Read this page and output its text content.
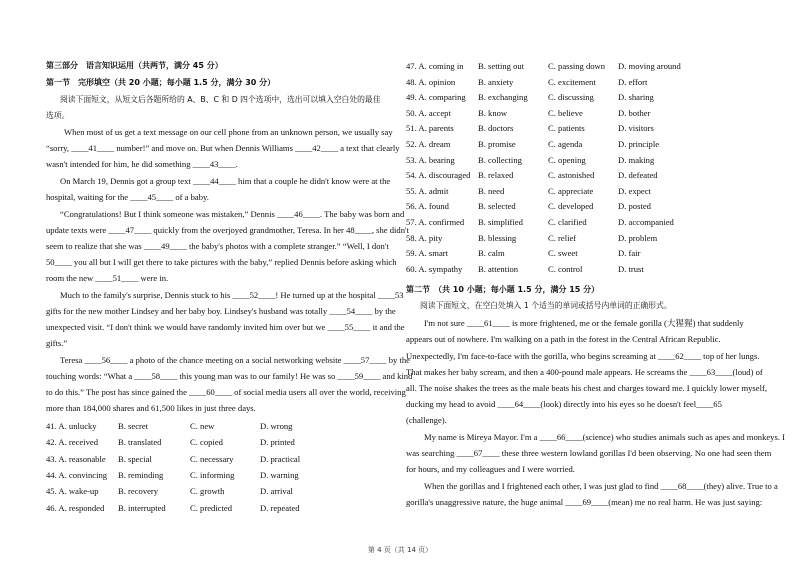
第三部分　语言知识运用（共两节，满分 45 分）
第一节　完形填空（共 20 小题；每小题 1.5 分，满分 30 分）
阅读下面短文，从短文后各题所给的 A、B、C 和 D 四个选项中，选出可以填入空白处的最佳
选项。
When most of us get a text message on our cell phone from an unknown person, we usually say
“sorry, ____41____ number!” and move on. But when Dennis Williams ____42____ a text that clearly
wasn't intended for him, he did something ____43____.
On March 19, Dennis got a group text ____44____ him that a couple he didn't know were at the
hospital, waiting for the ____45____ of a baby.
“Congratulations! But I think someone was mistaken,” Dennis ____46____. The baby was born and
update texts were ____47____ quickly from the overjoyed grandmother, Teresa. In her 48____, she didn't
seem to realize that she was ____49____ the baby's photos with a complete stranger.” “Well, I don't
50____ you all but I will get there to take pictures with the baby,” replied Dennis before asking which
room the new ____51____ were in.
Much to the family's surprise, Dennis stuck to his ____52____! He turned up at the hospital ____53
gifts for the new mother Lindsey and her baby boy. Lindsey's husband was totally ____54____ by the
unexpected visit. “I don't think we would have randomly invited him over but we ____55____ it and the
gifts.”
Teresa ____56____ a photo of the chance meeting on a social networking website ____57____ by the
touching words: “What a ____58____ this young man was to our family! He was so ____59____ and kind
to do this.” The post has since gained the ____60____ of social media users all over the world, receiving
more than 184,000 shares and 61,500 likes in just three days.
41. A. unlucky B. secret	C. new	D. wrong
42. A. received B. translated	C. copied	D. printed
43. A. reasonable B. special	C. necessary	D. practical
44. A. convincing B. reminding	C. informing	D. warning
45. A. wake-up B. recovery	C. growth	D. arrival
46. A. responded B. interrupted	C. predicted	D. repeated
47. A. coming in B. setting out	C. passing down D. moving around
48. A. opinion	B. anxiety	C. excitement	D. effort
49. A. comparing B. exchanging C. discussing	D. sharing
50. A. accept	B. know	C. believe	D. bother
51. A. parents	B. doctors	C. patients	D. visitors
52. A. dream	B. promise	C. agenda	D. principle
53. A. bearing	B. collecting	C. opening	D. making
54. A. discouraged B. relaxed	C. astonished	D. defeated
55. A. admit	B. need	C. appreciate	D. expect
56. A. found	B. selected	C. developed	D. posted
57. A. confirmed B. simplified	C. clarified	D. accompanied
58. A. pity	B. blessing	C. relief	D. problem
59. A. smart	B. calm	C. sweet	D. fair
60. A. sympathy B. attention	C. control	D. trust
第二节　（共 10 小题；每小题 1.5 分，满分 15 分）
阅读下面短文，在空白处填入 1 个适当的单词或括号内单词的正确形式。
I'm not sure ____61____ is more frightened, me or the female gorilla (大猩猩) that suddenly
appears out of nowhere. I'm walking on a path in the forest in the Central African Republic.
Unexpectedly, I'm face-to-face with the gorilla, who begins screaming at ____62____ top of her lungs.
That makes her baby scream, and then a 400-pound male appears. He screams the ____63____(loud) of
all. The noise shakes the trees as the male beats his chest and charges toward me. I quickly lower myself,
ducking my head to avoid ____64____(look) directly into his eyes so he doesn't feel____65
(challenge).
My name is Mireya Mayor. I'm a ____66____(science) who studies animals such as apes and monkeys. I
was searching ____67____ these three western lowland gorillas I'd been observing. No one had seen them
for hours, and my colleagues and I were worried.
When the gorillas and I frightened each other, I was just glad to find ____68____(they) alive. True to a
gorilla's unaggressive nature, the huge animal ____69____(mean) me no real harm. He was just saying:
第 4 页（共 14 页）
